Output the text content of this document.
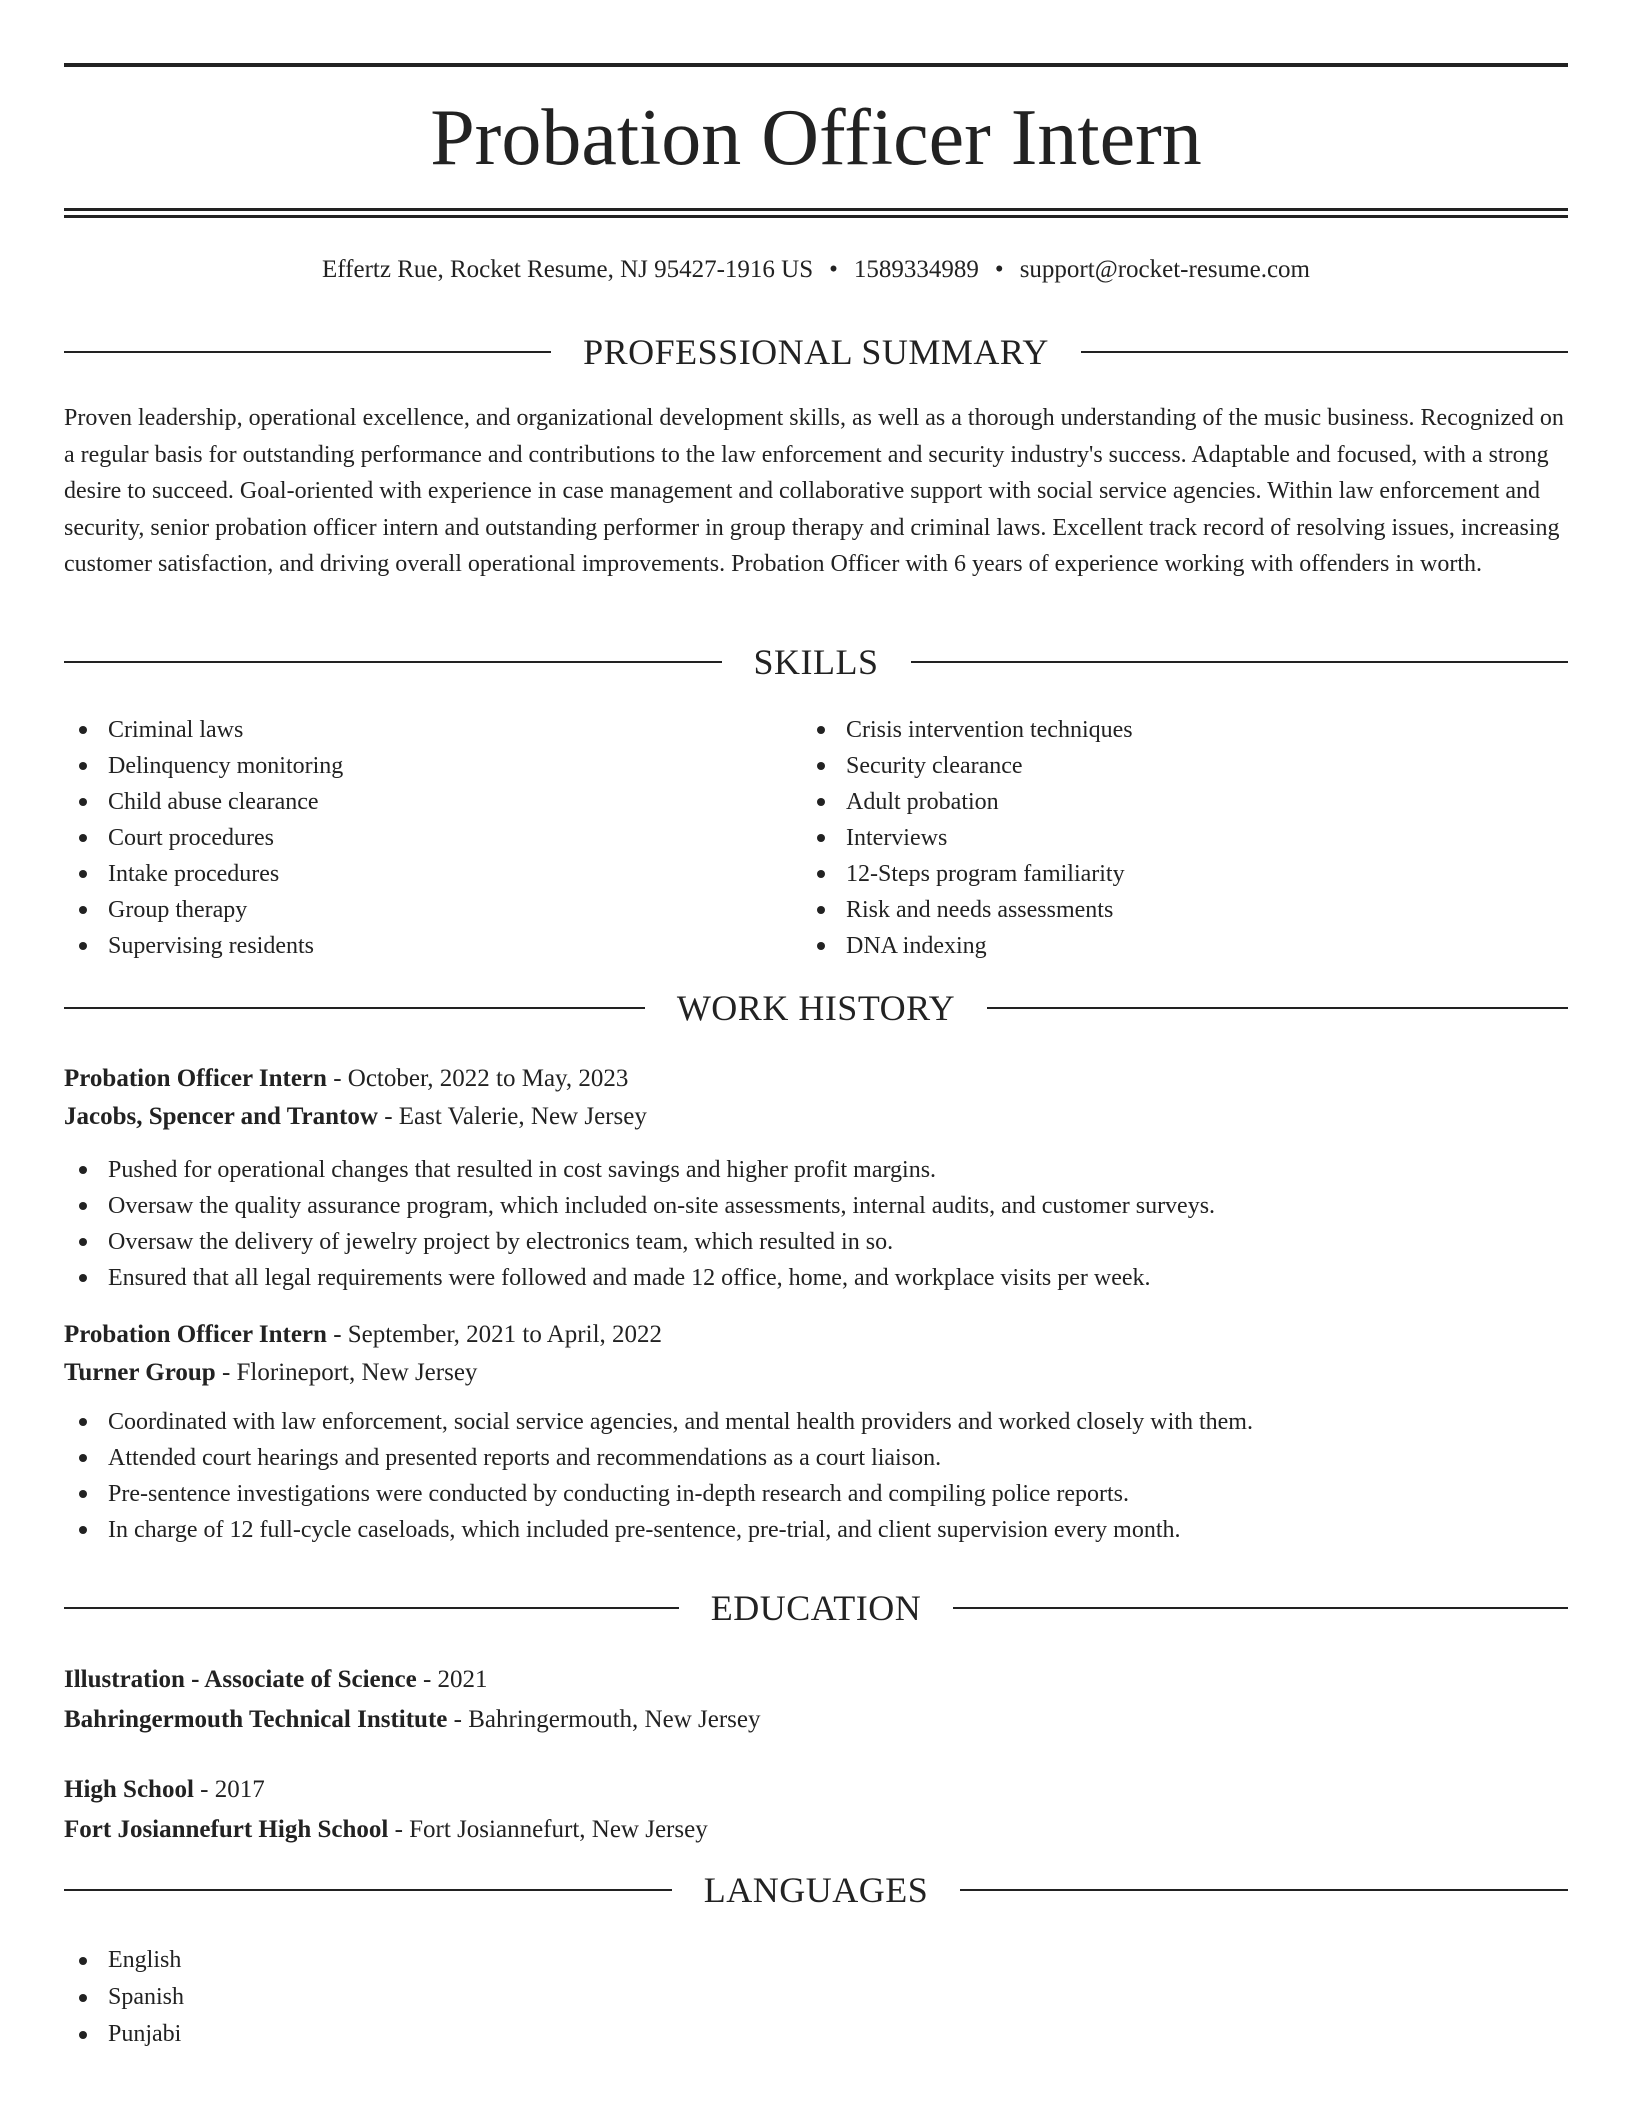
Probation Officer Intern
Effertz Rue, Rocket Resume, NJ 95427-1916 US • 1589334989 • support@rocket-resume.com
PROFESSIONAL SUMMARY

Proven leadership, operational excellence, and organizational development skills, as well as a thorough understanding of the music business. Recognized on a regular basis for outstanding performance and contributions to the law enforcement and security industry's success. Adaptable and focused, with a strong desire to succeed. Goal-oriented with experience in case management and collaborative support with social service agencies. Within law enforcement and security, senior probation officer intern and outstanding performer in group therapy and criminal laws. Excellent track record of resolving issues, increasing customer satisfaction, and driving overall operational improvements. Probation Officer with 6 years of experience working with offenders in worth.

SKILLS
Criminal laws
Delinquency monitoring
Child abuse clearance
Court procedures
Intake procedures
Group therapy
Supervising residents
Crisis intervention techniques
Security clearance
Adult probation
Interviews
12-Steps program familiarity
Risk and needs assessments
DNA indexing
WORK HISTORY
Probation Officer Intern - October, 2022 to May, 2023
Jacobs, Spencer and Trantow - East Valerie, New Jersey
Pushed for operational changes that resulted in cost savings and higher profit margins.
Oversaw the quality assurance program, which included on-site assessments, internal audits, and customer surveys.
Oversaw the delivery of jewelry project by electronics team, which resulted in so.
Ensured that all legal requirements were followed and made 12 office, home, and workplace visits per week.
Probation Officer Intern - September, 2021 to April, 2022
Turner Group - Florineport, New Jersey
Coordinated with law enforcement, social service agencies, and mental health providers and worked closely with them.
Attended court hearings and presented reports and recommendations as a court liaison.
Pre-sentence investigations were conducted by conducting in-depth research and compiling police reports.
In charge of 12 full-cycle caseloads, which included pre-sentence, pre-trial, and client supervision every month.
EDUCATION
Illustration - Associate of Science - 2021
Bahringermouth Technical Institute - Bahringermouth, New Jersey
High School - 2017
Fort Josiannefurt High School - Fort Josiannefurt, New Jersey
LANGUAGES
English
Spanish
Punjabi
